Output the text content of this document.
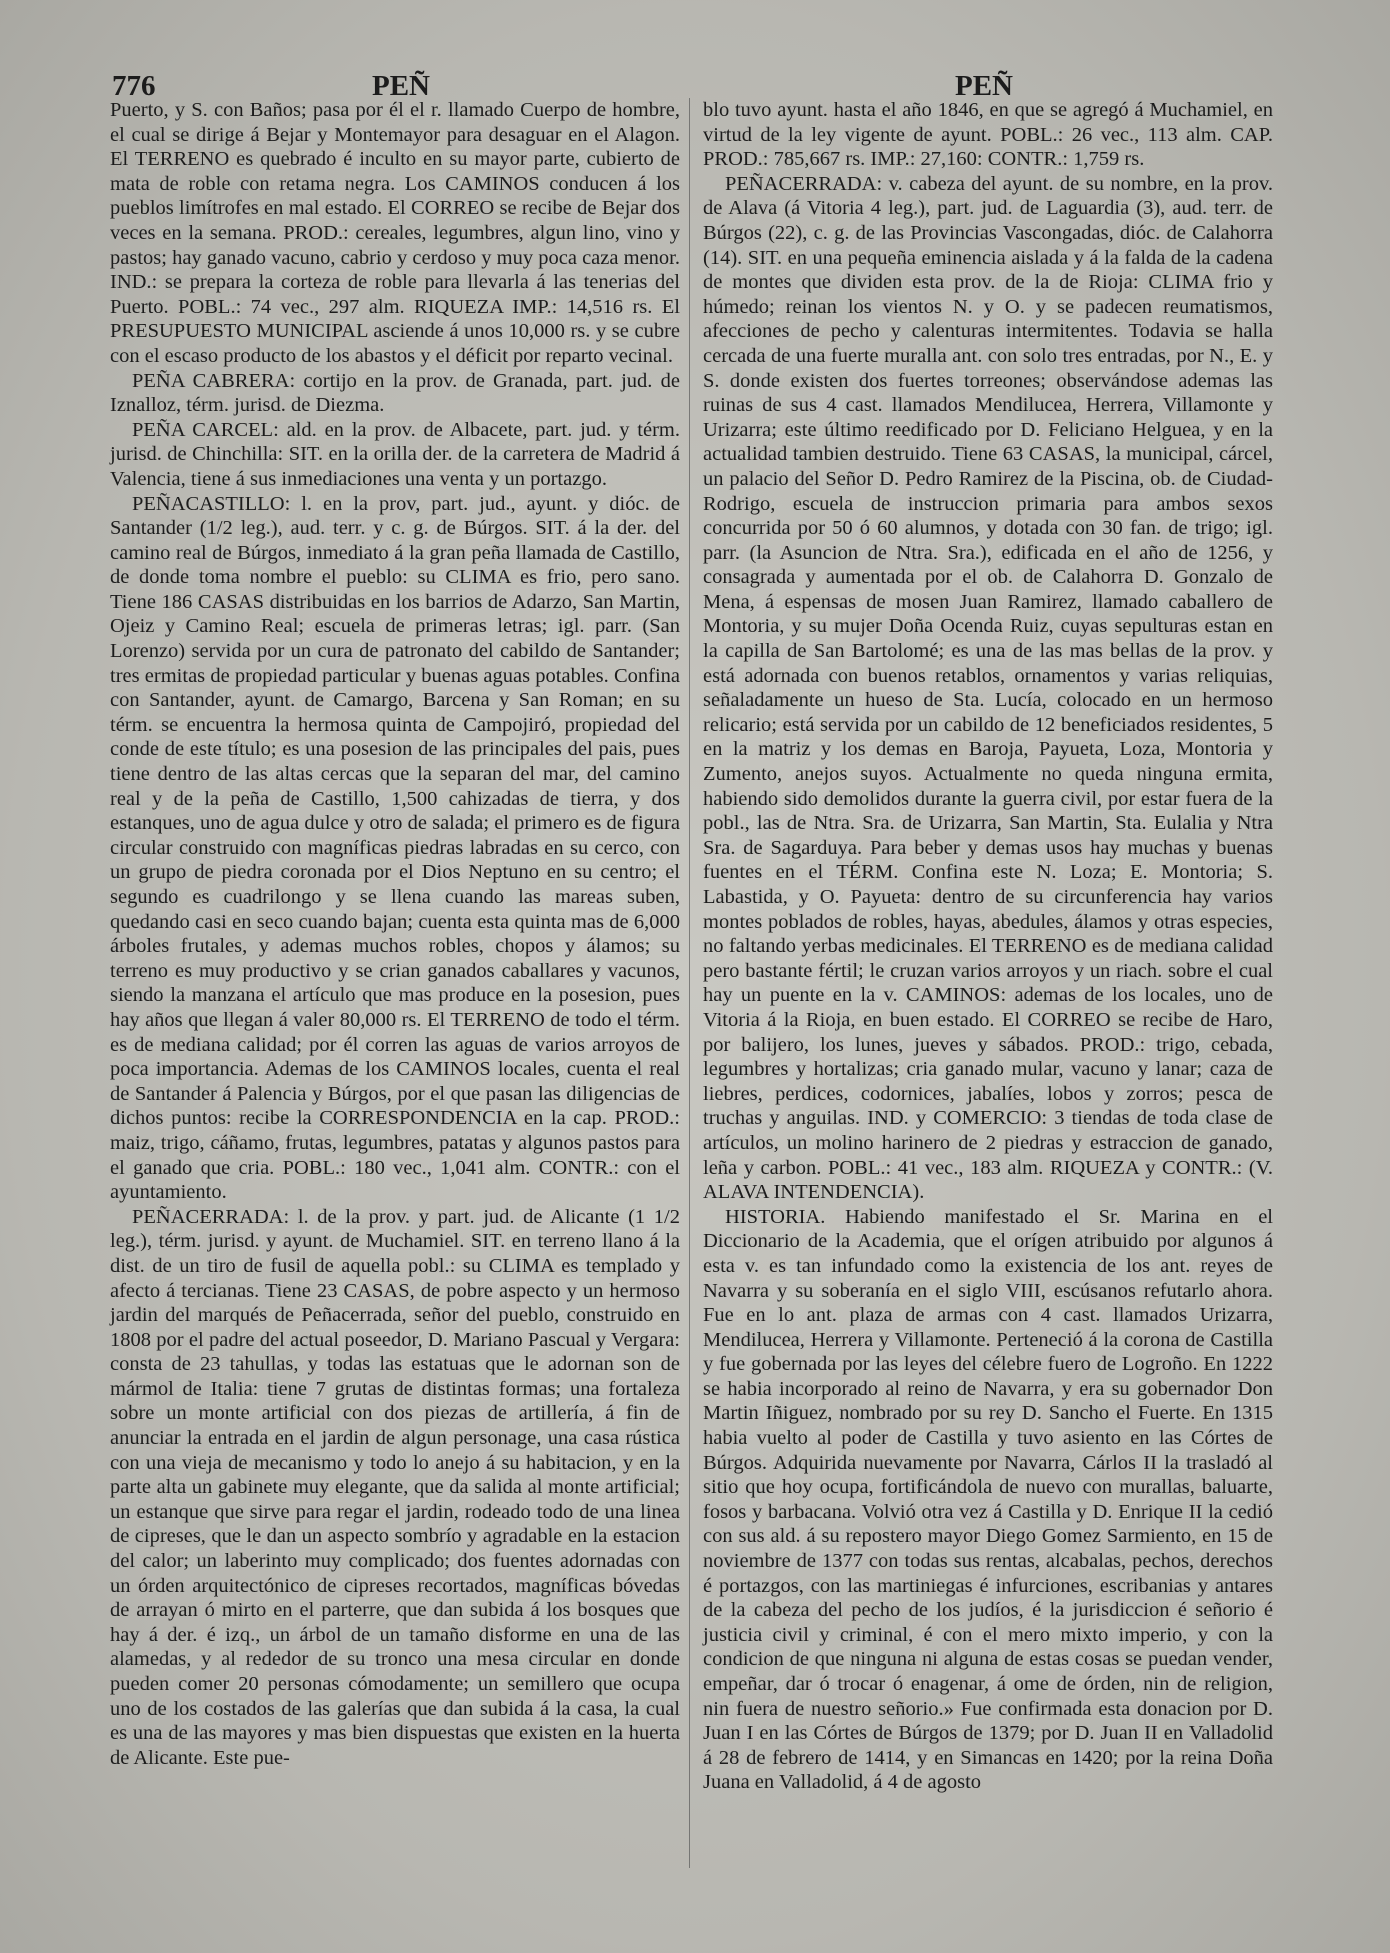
776	PEÑ	PEÑ

Puerto, y S. con Baños; pasa por él el r. llamado Cuerpo de hombre, el cual se dirige á Bejar y Montemayor para desaguar en el Alagon. El TERRENO es quebrado é inculto en su mayor parte, cubierto de mata de roble con retama negra. Los CAMINOS conducen á los pueblos limítrofes en mal estado. El CORREO se recibe de Bejar dos veces en la semana. PROD.: cereales, legumbres, algun lino, vino y pastos; hay ganado vacuno, cabrio y cerdoso y muy poca caza menor. IND.: se prepara la corteza de roble para llevarla á las tenerias del Puerto. POBL.: 74 vec., 297 alm. RIQUEZA IMP.: 14,516 rs. El PRESUPUESTO MUNICIPAL asciende á unos 10,000 rs. y se cubre con el escaso producto de los abastos y el déficit por reparto vecinal.

PEÑA CABRERA: cortijo en la prov. de Granada, part. jud. de Iznalloz, térm. jurisd. de Diezma.

PEÑA CARCEL: ald. en la prov. de Albacete, part. jud. y térm. jurisd. de Chinchilla: SIT. en la orilla der. de la carretera de Madrid á Valencia, tiene á sus inmediaciones una venta y un portazgo.

PEÑACASTILLO: l. en la prov, part. jud., ayunt. y dióc. de Santander (1/2 leg.), aud. terr. y c. g. de Búrgos. SIT. á la der. del camino real de Búrgos, inmediato á la gran peña llamada de Castillo, de donde toma nombre el pueblo: su CLIMA es frio, pero sano. Tiene 186 CASAS distribuidas en los barrios de Adarzo, San Martin, Ojeiz y Camino Real; escuela de primeras letras; igl. parr. (San Lorenzo) servida por un cura de patronato del cabildo de Santander; tres ermitas de propiedad particular y buenas aguas potables. Confina con Santander, ayunt. de Camargo, Barcena y San Roman; en su térm. se encuentra la hermosa quinta de Campojiró, propiedad del conde de este título; es una posesion de las principales del pais, pues tiene dentro de las altas cercas que la separan del mar, del camino real y de la peña de Castillo, 1,500 cahizadas de tierra, y dos estanques, uno de agua dulce y otro de salada; el primero es de figura circular construido con magníficas piedras labradas en su cerco, con un grupo de piedra coronada por el Dios Neptuno en su centro; el segundo es cuadrilongo y se llena cuando las mareas suben, quedando casi en seco cuando bajan; cuenta esta quinta mas de 6,000 árboles frutales, y ademas muchos robles, chopos y álamos; su terreno es muy productivo y se crian ganados caballares y vacunos, siendo la manzana el artículo que mas produce en la posesion, pues hay años que llegan á valer 80,000 rs. El TERRENO de todo el térm. es de mediana calidad; por él corren las aguas de varios arroyos de poca importancia. Ademas de los CAMINOS locales, cuenta el real de Santander á Palencia y Búrgos, por el que pasan las diligencias de dichos puntos: recibe la CORRESPONDENCIA en la cap. PROD.: maiz, trigo, cáñamo, frutas, legumbres, patatas y algunos pastos para el ganado que cria. POBL.: 180 vec., 1,041 alm. CONTR.: con el ayuntamiento.

PEÑACERRADA: l. de la prov. y part. jud. de Alicante (1 1/2 leg.), térm. jurisd. y ayunt. de Muchamiel. SIT. en terreno llano á la dist. de un tiro de fusil de aquella pobl.: su CLIMA es templado y afecto á tercianas. Tiene 23 CASAS, de pobre aspecto y un hermoso jardin del marqués de Peñacerrada, señor del pueblo, construido en 1808 por el padre del actual poseedor, D. Mariano Pascual y Vergara: consta de 23 tahullas, y todas las estatuas que le adornan son de mármol de Italia: tiene 7 grutas de distintas formas; una fortaleza sobre un monte artificial con dos piezas de artillería, á fin de anunciar la entrada en el jardin de algun personage, una casa rústica con una vieja de mecanismo y todo lo anejo á su habitacion, y en la parte alta un gabinete muy elegante, que da salida al monte artificial; un estanque que sirve para regar el jardin, rodeado todo de una linea de cipreses, que le dan un aspecto sombrío y agradable en la estacion del calor; un laberinto muy complicado; dos fuentes adornadas con un órden arquitectónico de cipreses recortados, magníficas bóvedas de arrayan ó mirto en el parterre, que dan subida á los bosques que hay á der. é izq., un árbol de un tamaño disforme en una de las alamedas, y al rededor de su tronco una mesa circular en donde pueden comer 20 personas cómodamente; un semillero que ocupa uno de los costados de las galerías que dan subida á la casa, la cual es una de las mayores y mas bien dispuestas que existen en la huerta de Alicante. Este pue-

blo tuvo ayunt. hasta el año 1846, en que se agregó á Muchamiel, en virtud de la ley vigente de ayunt. POBL.: 26 vec., 113 alm. CAP. PROD.: 785,667 rs. IMP.: 27,160: CONTR.: 1,759 rs.

PEÑACERRADA: v. cabeza del ayunt. de su nombre, en la prov. de Alava (á Vitoria 4 leg.), part. jud. de Laguardia (3), aud. terr. de Búrgos (22), c. g. de las Provincias Vascongadas, dióc. de Calahorra (14). SIT. en una pequeña eminencia aislada y á la falda de la cadena de montes que dividen esta prov. de la de Rioja: CLIMA frio y húmedo; reinan los vientos N. y O. y se padecen reumatismos, afecciones de pecho y calenturas intermitentes. Todavia se halla cercada de una fuerte muralla ant. con solo tres entradas, por N., E. y S. donde existen dos fuertes torreones; observándose ademas las ruinas de sus 4 cast. llamados Mendilucea, Herrera, Villamonte y Urizarra; este último reedificado por D. Feliciano Helguea, y en la actualidad tambien destruido. Tiene 63 CASAS, la municipal, cárcel, un palacio del Señor D. Pedro Ramirez de la Piscina, ob. de Ciudad-Rodrigo, escuela de instruccion primaria para ambos sexos concurrida por 50 ó 60 alumnos, y dotada con 30 fan. de trigo; igl. parr. (la Asuncion de Ntra. Sra.), edificada en el año de 1256, y consagrada y aumentada por el ob. de Calahorra D. Gonzalo de Mena, á espensas de mosen Juan Ramirez, llamado caballero de Montoria, y su mujer Doña Ocenda Ruiz, cuyas sepulturas estan en la capilla de San Bartolomé; es una de las mas bellas de la prov. y está adornada con buenos retablos, ornamentos y varias reliquias, señaladamente un hueso de Sta. Lucía, colocado en un hermoso relicario; está servida por un cabildo de 12 beneficiados residentes, 5 en la matriz y los demas en Baroja, Payueta, Loza, Montoria y Zumento, anejos suyos. Actualmente no queda ninguna ermita, habiendo sido demolidos durante la guerra civil, por estar fuera de la pobl., las de Ntra. Sra. de Urizarra, San Martin, Sta. Eulalia y Ntra Sra. de Sagarduya. Para beber y demas usos hay muchas y buenas fuentes en el TÉRM. Confina este N. Loza; E. Montoria; S. Labastida, y O. Payueta: dentro de su circunferencia hay varios montes poblados de robles, hayas, abedules, álamos y otras especies, no faltando yerbas medicinales. El TERRENO es de mediana calidad pero bastante fértil; le cruzan varios arroyos y un riach. sobre el cual hay un puente en la v. CAMINOS: ademas de los locales, uno de Vitoria á la Rioja, en buen estado. El CORREO se recibe de Haro, por balijero, los lunes, jueves y sábados. PROD.: trigo, cebada, legumbres y hortalizas; cria ganado mular, vacuno y lanar; caza de liebres, perdices, codornices, jabalíes, lobos y zorros; pesca de truchas y anguilas. IND. y COMERCIO: 3 tiendas de toda clase de artículos, un molino harinero de 2 piedras y estraccion de ganado, leña y carbon. POBL.: 41 vec., 183 alm. RIQUEZA y CONTR.: (V. ALAVA INTENDENCIA).

HISTORIA. Habiendo manifestado el Sr. Marina en el Diccionario de la Academia, que el orígen atribuido por algunos á esta v. es tan infundado como la existencia de los ant. reyes de Navarra y su soberanía en el siglo VIII, escúsanos refutarlo ahora. Fue en lo ant. plaza de armas con 4 cast. llamados Urizarra, Mendilucea, Herrera y Villamonte. Perteneció á la corona de Castilla y fue gobernada por las leyes del célebre fuero de Logroño. En 1222 se habia incorporado al reino de Navarra, y era su gobernador Don Martin Iñiguez, nombrado por su rey D. Sancho el Fuerte. En 1315 habia vuelto al poder de Castilla y tuvo asiento en las Córtes de Búrgos. Adquirida nuevamente por Navarra, Cárlos II la trasladó al sitio que hoy ocupa, fortificándola de nuevo con murallas, baluarte, fosos y barbacana. Volvió otra vez á Castilla y D. Enrique II la cedió con sus ald. á su repostero mayor Diego Gomez Sarmiento, en 15 de noviembre de 1377 con todas sus rentas, alcabalas, pechos, derechos é portazgos, con las martiniegas é infurciones, escribanias y antares de la cabeza del pecho de los judíos, é la jurisdiccion é señorio é justicia civil y criminal, é con el mero mixto imperio, y con la condicion de que ninguna ni alguna de estas cosas se puedan vender, empeñar, dar ó trocar ó enagenar, á ome de órden, nin de religion, nin fuera de nuestro señorio.» Fue confirmada esta donacion por D. Juan I en las Córtes de Búrgos de 1379; por D. Juan II en Valladolid á 28 de febrero de 1414, y en Simancas en 1420; por la reina Doña Juana en Valladolid, á 4 de agosto
